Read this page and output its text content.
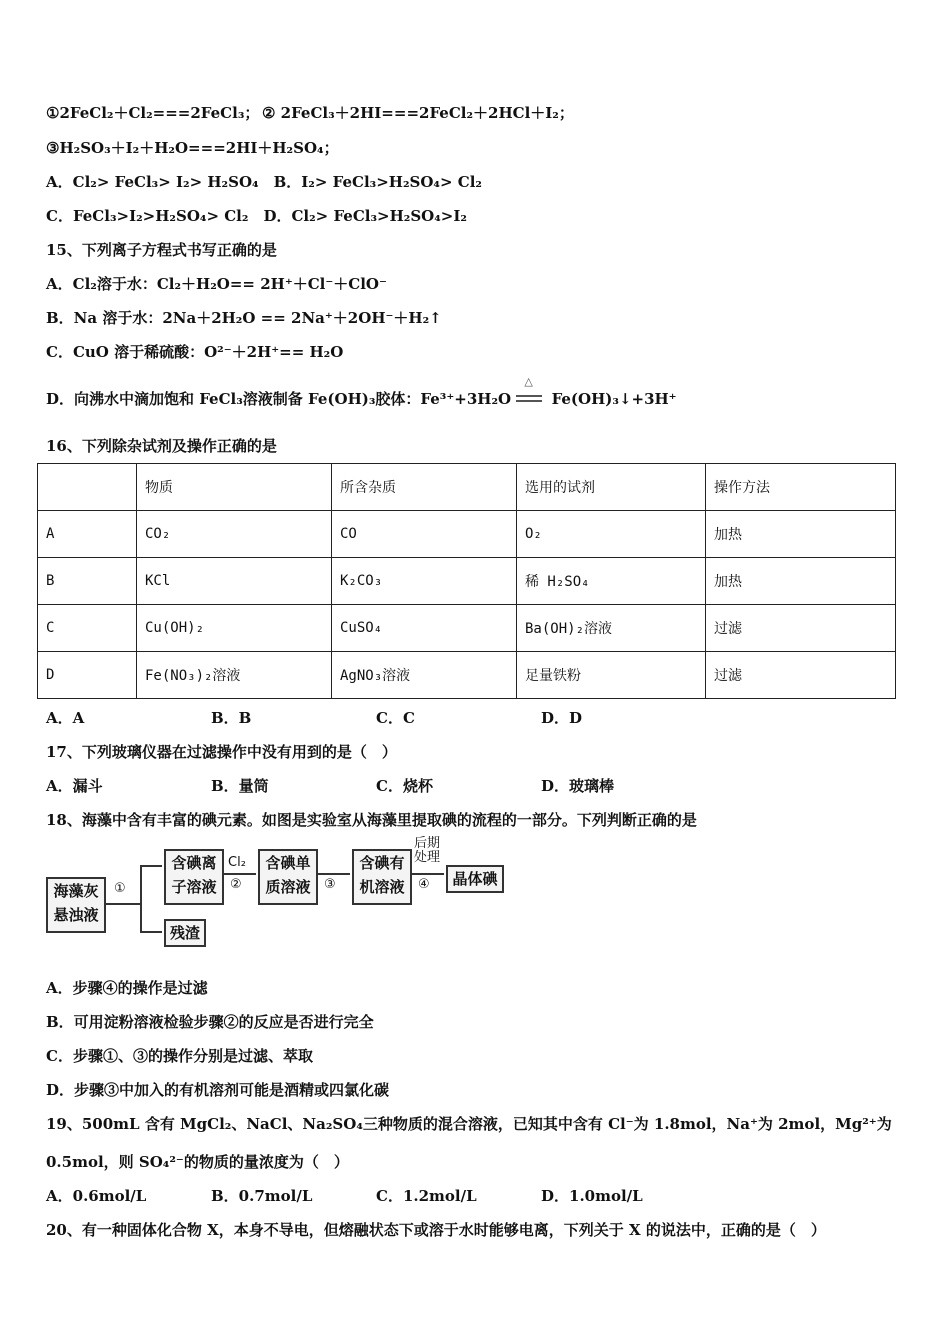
①2FeCl₂＋Cl₂===2FeCl₃； ② 2FeCl₃＋2HI===2FeCl₂＋2HCl＋I₂；
③H₂SO₃＋I₂＋H₂O===2HI＋H₂SO₄；
A．Cl₂> FeCl₃> I₂> H₂SO₄　B．I₂> FeCl₃>H₂SO₄> Cl₂
C．FeCl₃>I₂>H₂SO₄> Cl₂　D．Cl₂> FeCl₃>H₂SO₄>I₂
15、下列离子方程式书写正确的是
A．Cl₂溶于水：Cl₂＋H₂O== 2H⁺＋Cl⁻＋ClO⁻
B．Na 溶于水：2Na＋2H₂O == 2Na⁺＋2OH⁻＋H₂↑
C．CuO 溶于稀硫酸：O²⁻＋2H⁺== H₂O
D．向沸水中滴加饱和 FeCl₃溶液制备 Fe(OH)₃胶体：Fe³⁺+3H₂O
△
Fe(OH)₃↓+3H⁺
16、下列除杂试剂及操作正确的是
	物质	所含杂质	选用的试剂	操作方法
A	CO₂	CO	O₂	加热
B	KCl	K₂CO₃	稀 H₂SO₄	加热
C	Cu(OH)₂	CuSO₄	Ba(OH)₂溶液	过滤
D	Fe(NO₃)₂溶液	AgNO₃溶液	足量铁粉	过滤
A．A	B．B	C．C	D．D
17、下列玻璃仪器在过滤操作中没有用到的是（　）
A．漏斗	B．量筒	C．烧杯	D．玻璃棒
18、海藻中含有丰富的碘元素。如图是实验室从海藻里提取碘的流程的一部分。下列判断正确的是
海藻灰
悬浊液
①
含碘离
子溶液
残渣
Cl₂
②
含碘单
质溶液	③
含碘有
机溶液
后期
处理
④	晶体碘
A．步骤④的操作是过滤
B．可用淀粉溶液检验步骤②的反应是否进行完全
C．步骤①、③的操作分别是过滤、萃取
D．步骤③中加入的有机溶剂可能是酒精或四氯化碳
19、500mL 含有 MgCl₂、NaCl、Na₂SO₄三种物质的混合溶液，已知其中含有 Cl⁻为 1.8mol，Na⁺为 2mol，Mg²⁺为
0.5mol，则 SO₄²⁻的物质的量浓度为（　）
A．0.6mol/L	B．0.7mol/L	C．1.2mol/L	D．1.0mol/L
20、有一种固体化合物 X，本身不导电，但熔融状态下或溶于水时能够电离，下列关于 X 的说法中，正确的是（　）
